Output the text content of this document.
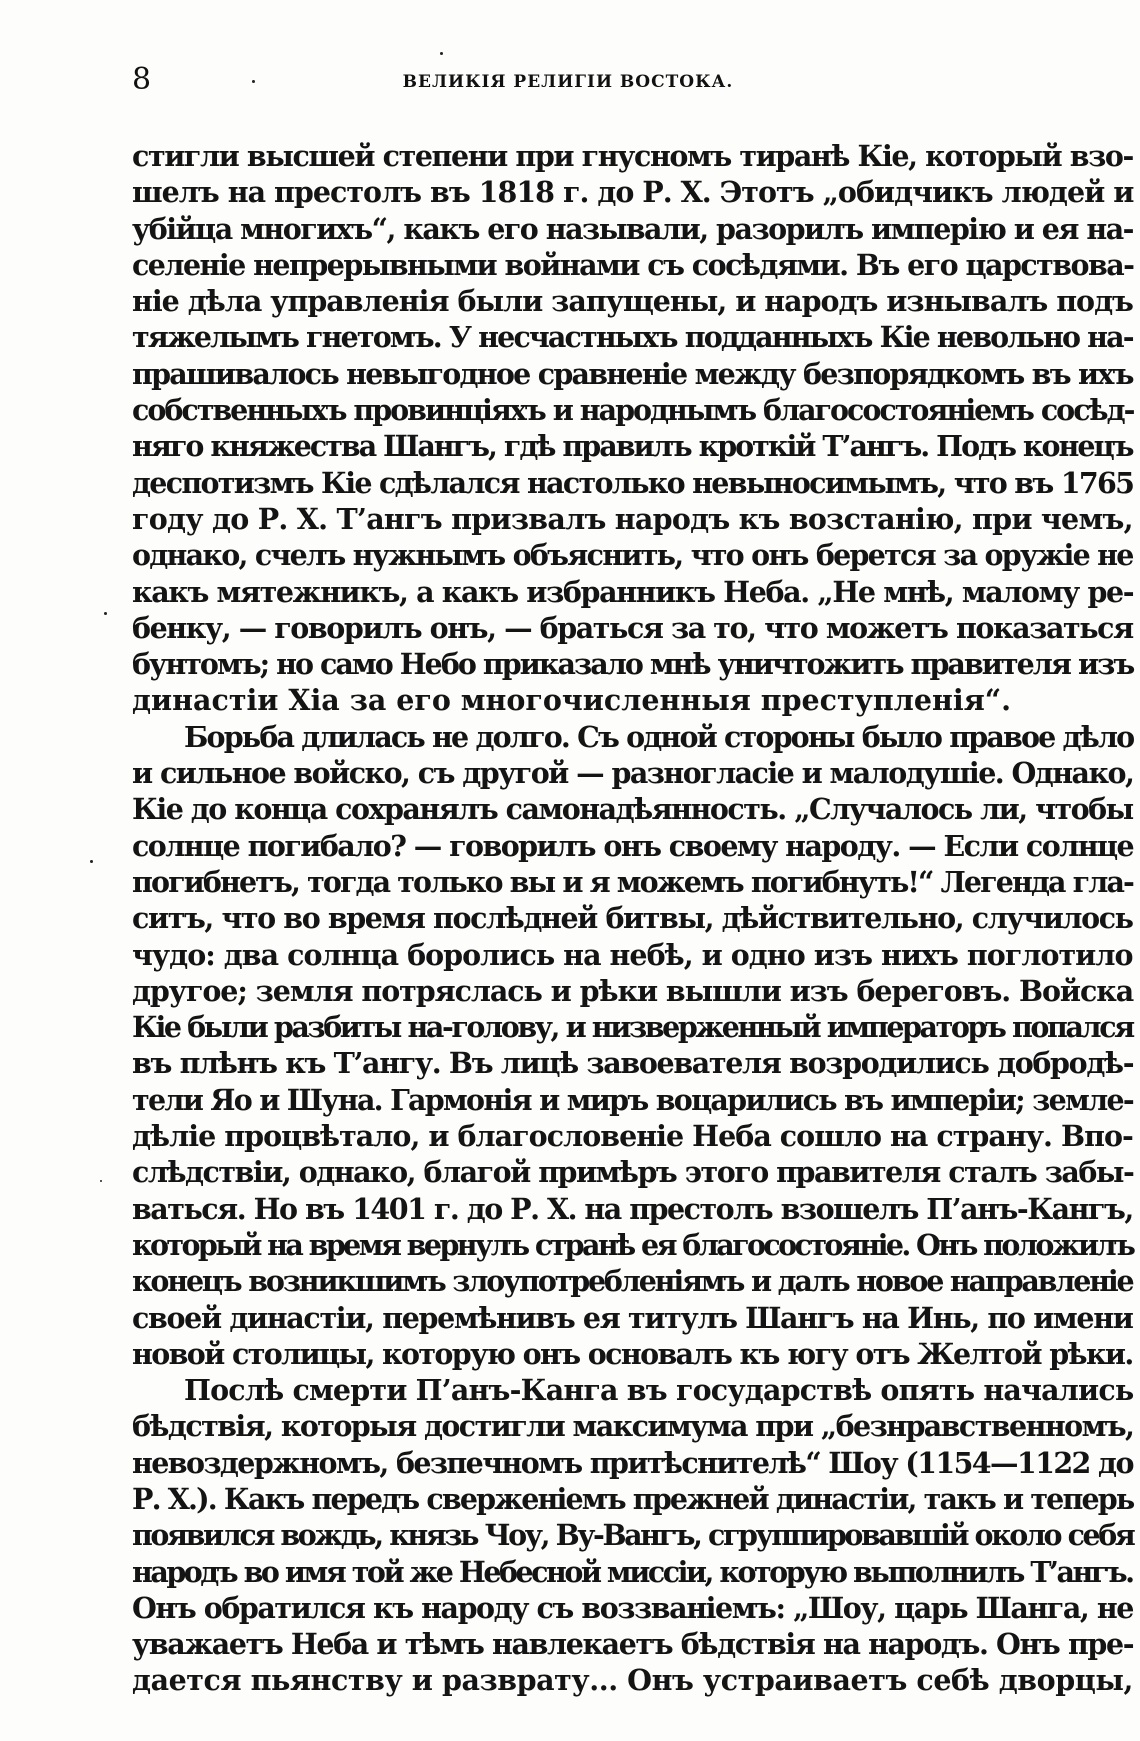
8	ВЕЛИКІЯ РЕЛИГІИ ВОСТОКА.
стигли высшей степени при гнусномъ тиранѣ Кіе, который взо-
шелъ на престолъ въ 1818 г. до Р. Х. Этотъ „обидчикъ людей и
убійца многихъ“, какъ его называли, разорилъ имперію и ея на-
селеніе непрерывными войнами съ сосѣдями. Въ его царствова-
ніе дѣла управленія были запущены, и народъ изнывалъ подъ
тяжелымъ гнетомъ. У несчастныхъ подданныхъ Кіе невольно на-
прашивалось невыгодное сравненіе между безпорядкомъ въ ихъ
собственныхъ провинціяхъ и народнымъ благосостояніемъ сосѣд-
няго княжества Шангъ, гдѣ правилъ кроткій Т’ангъ. Подъ конецъ
деспотизмъ Кіе сдѣлался настолько невыносимымъ, что въ 1765
году до Р. Х. Т’ангъ призвалъ народъ къ возстанію, при чемъ,
однако, счелъ нужнымъ объяснить, что онъ берется за оружіе не
какъ мятежникъ, а какъ избранникъ Неба. „Не мнѣ, малому ре-
бенку, — говорилъ онъ, — браться за то, что можетъ показаться
бунтомъ; но само Небо приказало мнѣ уничтожить правителя изъ
династіи Хіа за его многочисленныя преступленія“.
Борьба длилась не долго. Съ одной стороны было правое дѣло
и сильное войско, съ другой — разногласіе и малодушіе. Однако,
Кіе до конца сохранялъ самонадѣянность. „Случалось ли, чтобы
солнце погибало? — говорилъ онъ своему народу. — Если солнце
погибнетъ, тогда только вы и я можемъ погибнуть!“ Легенда гла-
ситъ, что во время послѣдней битвы, дѣйствительно, случилось
чудо: два солнца боролись на небѣ, и одно изъ нихъ поглотило
другое; земля потряслась и рѣки вышли изъ береговъ. Войска
Кіе были разбиты на-голову, и низверженный императоръ попался
въ плѣнъ къ Т’ангу. Въ лицѣ завоевателя возродились добродѣ-
тели Яо и Шуна. Гармонія и миръ воцарились въ имперіи; земле-
дѣліе процвѣтало, и благословеніе Неба сошло на страну. Впо-
слѣдствіи, однако, благой примѣръ этого правителя сталъ забы-
ваться. Но въ 1401 г. до Р. Х. на престолъ взошелъ П’анъ-Кангъ,
который на время вернулъ странѣ ея благосостояніе. Онъ положилъ
конецъ возникшимъ злоупотребленіямъ и далъ новое направленіе
своей династіи, перемѣнивъ ея титулъ Шангъ на Инь, по имени
новой столицы, которую онъ основалъ къ югу отъ Желтой рѣки.
Послѣ смерти П’анъ-Канга въ государствѣ опять начались
бѣдствія, которыя достигли максимума при „безнравственномъ,
невоздержномъ, безпечномъ притѣснителѣ“ Шоу (1154—1122 до
Р. Х.). Какъ передъ сверженіемъ прежней династіи, такъ и теперь
появился вождь, князь Чоу, Ву-Вангъ, сгруппировавшій около себя
народъ во имя той же Небесной миссіи, которую выполнилъ Т’ангъ.
Онъ обратился къ народу съ воззваніемъ: „Шоу, царь Шанга, не
уважаетъ Неба и тѣмъ навлекаетъ бѣдствія на народъ. Онъ пре-
дается пьянству и разврату... Онъ устраиваетъ себѣ дворцы,
